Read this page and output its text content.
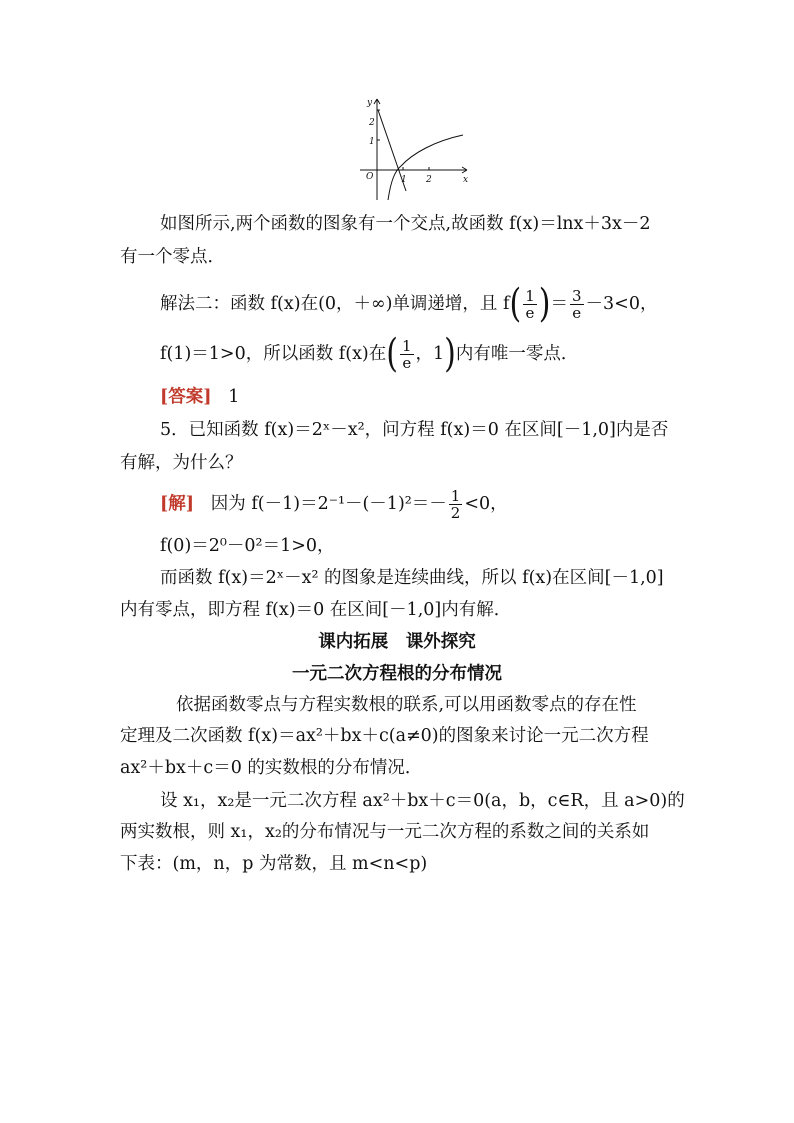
y
x
O
2
1
1 2
如图所示,两个函数的图象有一个交点,故函数 f(x)＝lnx＋3x－2
有一个零点．
解法二：函数 f(x)在(0，＋∞)单调递增，且 $f( \frac{1}{e}$ )＝ $\frac{3}{e} -3<0$，
f(1)＝1>0，所以函数 f(x)在( $\frac{1}{e}$ ，1)内有唯一零点．
[答案] 1
5．已知函数 f(x)＝2ˣ－x²，问方程 f(x)＝0 在区间[－1,0]内是否
有解，为什么？
[解] 因为 $f(-1)=2^{-1}-(-1)^2=- \frac{1}{2} <0$，
f(0)＝2⁰－0²＝1>0，
而函数 f(x)＝2ˣ－x² 的图象是连续曲线，所以 f(x)在区间[－1,0]
内有零点，即方程 f(x)＝0 在区间[－1,0]内有解．
课内拓展　课外探究
一元二次方程根的分布情况
依据函数零点与方程实数根的联系,可以用函数零点的存在性
定理及二次函数 f(x)＝ax²＋bx＋c(a≠0)的图象来讨论一元二次方程
ax²＋bx＋c＝0 的实数根的分布情况．
设 x₁，x₂是一元二次方程 ax²＋bx＋c＝0(a，b，c∈R，且 a>0)的
两实数根，则 x₁，x₂的分布情况与一元二次方程的系数之间的关系如
下表：(m，n，p 为常数，且 m<n<p)
